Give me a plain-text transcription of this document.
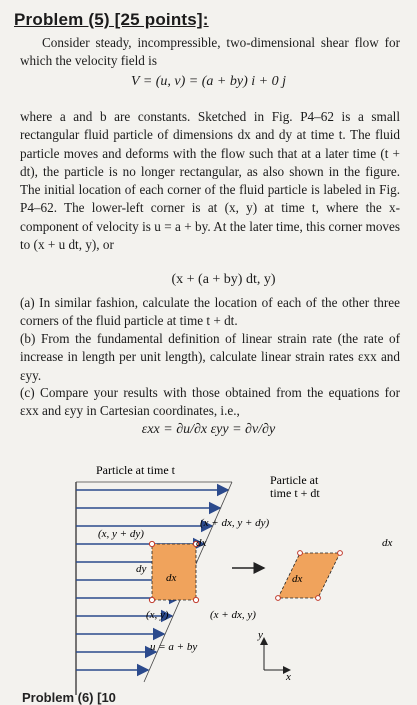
Problem (5) [25 points]:
Consider steady, incompressible, two-dimensional shear flow for which the velocity field is
V = (u, v) = (a + by) i + 0 j
where a and b are constants. Sketched in Fig. P4–62 is a small rectangular fluid particle of dimensions dx and dy at time t. The fluid particle moves and deforms with the flow such that at a later time (t + dt), the particle is no longer rectangular, as also shown in the figure. The initial location of each corner of the fluid particle is labeled in Fig. P4–62. The lower-left corner is at (x, y) at time t, where the x-component of velocity is u = a + by. At the later time, this corner moves to (x + u dt, y), or
(x + (a + by) dt, y)
(a) In similar fashion, calculate the location of each of the other three corners of the fluid particle at time t + dt.
(b) From the fundamental definition of linear strain rate (the rate of increase in length per unit length), calculate linear strain rates εxx and εyy.
(c) Compare your results with those obtained from the equations for εxx and εyy in Cartesian coordinates, i.e.,
εxx = ∂u/∂x εyy = ∂v/∂y
Particle at time t
Particle at
time t + dt
(x, y + dy)
(x + dx, y + dy)
dx
dy
dx
(x, y)	(x + dx, y)
dx
dx
u = a + by
y
x
Problem (6) [10
